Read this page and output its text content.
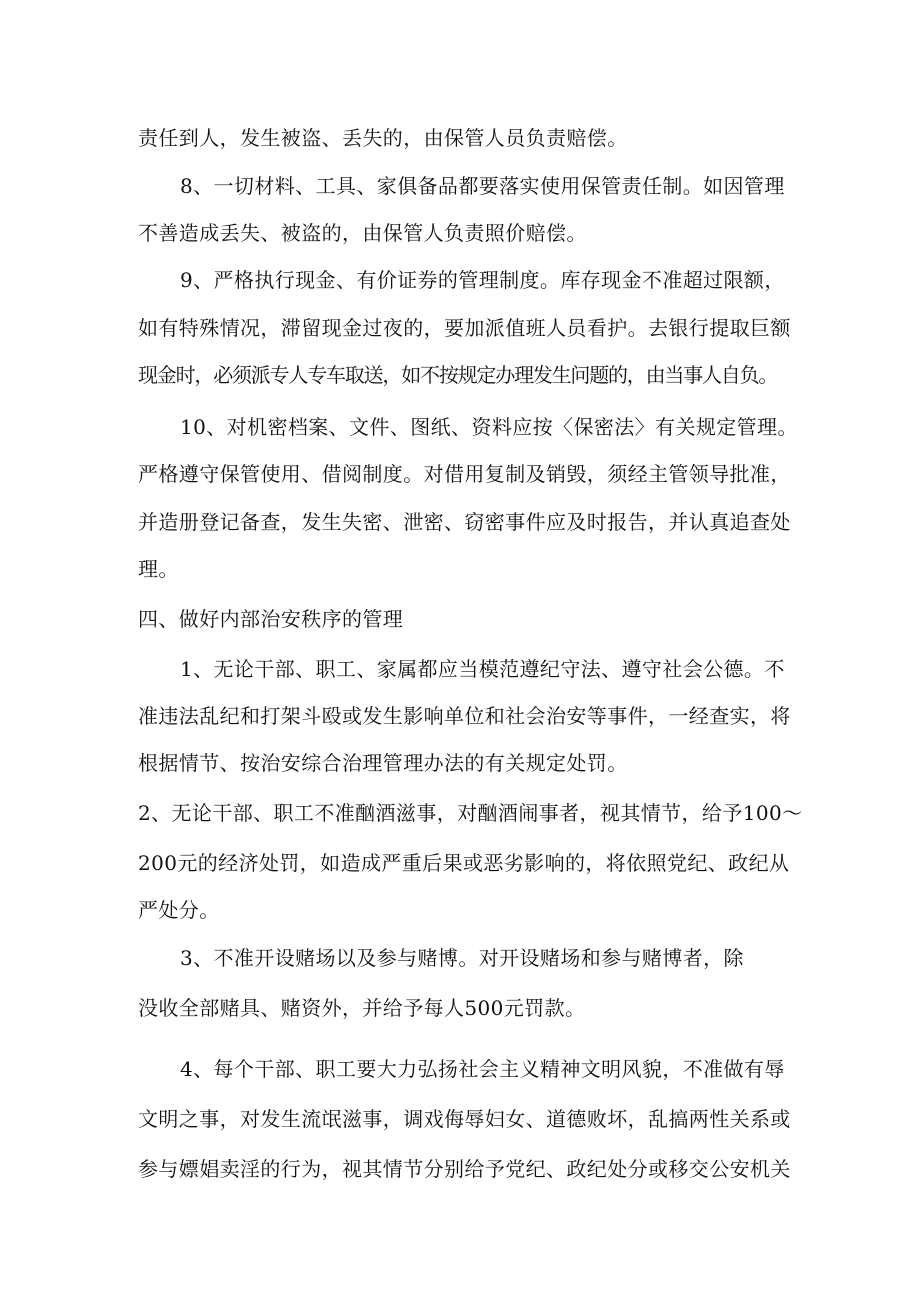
责任到人，发生被盗、丢失的，由保管人员负责赔偿。
8、一切材料、工具、家俱备品都要落实使用保管责任制。如因管理
不善造成丢失、被盗的，由保管人负责照价赔偿。
9、严格执行现金、有价证券的管理制度。库存现金不准超过限额，
如有特殊情况，滞留现金过夜的，要加派值班人员看护。去银行提取巨额
现金时，必须派专人专车取送，如不按规定办理发生问题的，由当事人自负。
10、对机密档案、文件、图纸、资料应按〈保密法〉有关规定管理。
严格遵守保管使用、借阅制度。对借用复制及销毁，须经主管领导批准，
并造册登记备查，发生失密、泄密、窃密事件应及时报告，并认真追查处
理。
四、做好内部治安秩序的管理
1、无论干部、职工、家属都应当模范遵纪守法、遵守社会公德。不
准违法乱纪和打架斗殴或发生影响单位和社会治安等事件，一经查实，将
根据情节、按治安综合治理管理办法的有关规定处罚。
2、无论干部、职工不准酗酒滋事，对酗酒闹事者，视其情节，给予100～
200元的经济处罚，如造成严重后果或恶劣影响的，将依照党纪、政纪从
严处分。
3、不准开设赌场以及参与赌博。对开设赌场和参与赌博者，除
没收全部赌具、赌资外，并给予每人500元罚款。
4、每个干部、职工要大力弘扬社会主义精神文明风貌，不准做有辱
文明之事，对发生流氓滋事，调戏侮辱妇女、道德败坏，乱搞两性关系或
参与嫖娼卖淫的行为，视其情节分别给予党纪、政纪处分或移交公安机关
